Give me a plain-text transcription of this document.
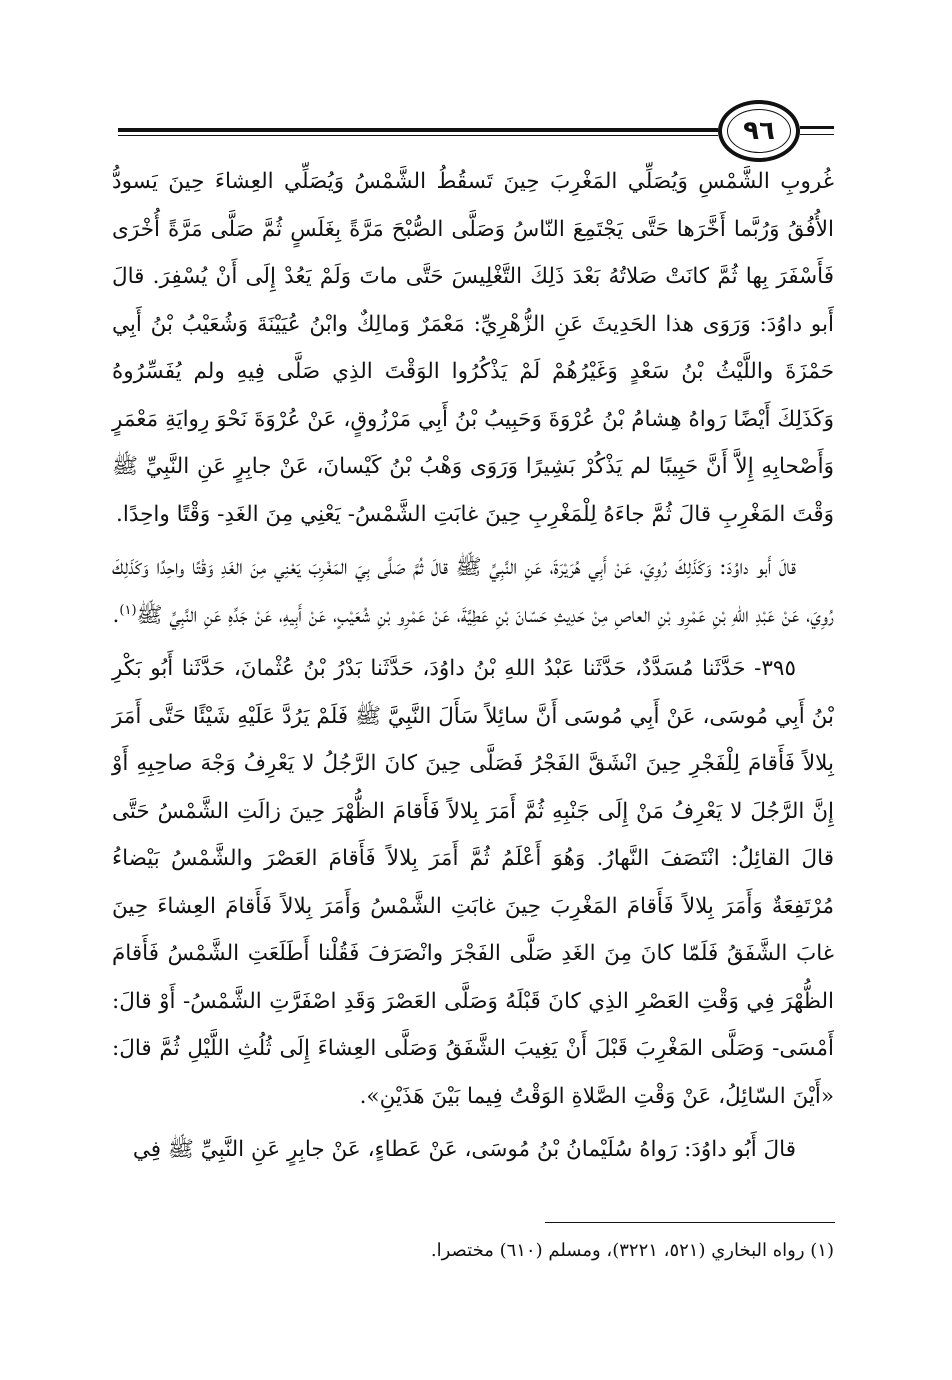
٩٦

غُروبِ الشَّمْسِ وَيُصَلِّي المَغْرِبَ حِينَ تَسقُطُ الشَّمْسُ وَيُصَلِّي العِشاءَ حِينَ يَسودُّ الأُفُقُ وَرُبَّما أَخَّرَها حَتَّى يَجْتَمِعَ النّاسُ وَصَلَّى الصُّبْحَ مَرَّةً بِغَلَسٍ ثُمَّ صَلَّى مَرَّةً أُخْرَى فَأَسْفَرَ بِها ثُمَّ كانَتْ صَلاتُهُ بَعْدَ ذَلِكَ التَّغْلِيسَ حَتَّى ماتَ وَلَمْ يَعُدْ إِلَى أَنْ يُسْفِرَ. قالَ أَبو داوُدَ: وَرَوَى هذا الحَدِيثَ عَنِ الزُّهْرِيِّ: مَعْمَرٌ وَمالِكٌ وابْنُ عُيَيْنَةَ وَشُعَيْبُ بْنُ أَبِي حَمْزَةَ واللَّيْثُ بْنُ سَعْدٍ وَغَيْرُهُمْ لَمْ يَذْكُرُوا الوَقْتَ الذِي صَلَّى فِيهِ ولم يُفَسِّرُوهُ وَكَذَلِكَ أَيْضًا رَواهُ هِشامُ بْنُ عُرْوَةَ وَحَبِيبُ بْنُ أَبِي مَرْزُوقٍ، عَنْ عُرْوَةَ نَحْوَ رِوايَةِ مَعْمَرٍ وَأَصْحابِهِ إِلاَّ أَنَّ حَبِيبًا لم يَذْكُرْ بَشِيرًا وَرَوَى وَهْبُ بْنُ كَيْسانَ، عَنْ جابِرٍ عَنِ النَّبِيِّ ﷺ وَقْتَ المَغْرِبِ قالَ ثُمَّ جاءَهُ لِلْمَغْرِبِ حِينَ غابَتِ الشَّمْسُ- يَعْنِي مِنَ الغَدِ- وَقْتًا واحِدًا.

قالَ أَبو داوُدَ: وَكَذَلِكَ رُوِيَ، عَنْ أَبِي هُرَيْرَةَ، عَنِ النَّبِيِّ ﷺ قالَ ثُمَّ صَلَّى بِيَ المَغْرِبَ يَعْنِي مِنَ الغَدِ وَقْتًا واحِدًا وَكَذَلِكَ رُوِيَ، عَنْ عَبْدِ اللهِ بْنِ عَمْرِو بْنِ العاصِ مِنْ حَدِيثِ حَسّانَ بْنِ عَطِيَّةَ، عَنْ عَمْرِو بْنِ شُعَيْبٍ، عَنْ أَبِيهِ، عَنْ جَدِّهِ عَنِ النَّبِيِّ ﷺ$^{(١)}$.

٣٩٥- حَدَّثَنا مُسَدَّدٌ، حَدَّثَنا عَبْدُ اللهِ بْنُ داوُدَ، حَدَّثَنا بَدْرُ بْنُ عُثْمانَ، حَدَّثَنا أَبُو بَكْرِ بْنُ أَبِي مُوسَى، عَنْ أَبِي مُوسَى أَنَّ سائِلاً سَأَلَ النَّبِيَّ ﷺ فَلَمْ يَرُدَّ عَلَيْهِ شَيْئًا حَتَّى أَمَرَ بِلالاً فَأَقامَ لِلْفَجْرِ حِينَ انْشَقَّ الفَجْرُ فَصَلَّى حِينَ كانَ الرَّجُلُ لا يَعْرِفُ وَجْهَ صاحِبِهِ أَوْ إِنَّ الرَّجُلَ لا يَعْرِفُ مَنْ إِلَى جَنْبِهِ ثُمَّ أَمَرَ بِلالاً فَأَقامَ الظُّهْرَ حِينَ زالَتِ الشَّمْسُ حَتَّى قالَ القائِلُ: انْتَصَفَ النَّهارُ. وَهُوَ أَعْلَمُ ثُمَّ أَمَرَ بِلالاً فَأَقامَ العَصْرَ والشَّمْسُ بَيْضاءُ مُرْتَفِعَةٌ وَأَمَرَ بِلالاً فَأَقامَ المَغْرِبَ حِينَ غابَتِ الشَّمْسُ وَأَمَرَ بِلالاً فَأَقامَ العِشاءَ حِينَ غابَ الشَّفَقُ فَلَمّا كانَ مِنَ الغَدِ صَلَّى الفَجْرَ وانْصَرَفَ فَقُلْنا أَطَلَعَتِ الشَّمْسُ فَأَقامَ الظُّهْرَ فِي وَقْتِ العَصْرِ الذِي كانَ قَبْلَهُ وَصَلَّى العَصْرَ وَقَدِ اصْفَرَّتِ الشَّمْسُ- أَوْ قالَ: أَمْسَى- وَصَلَّى المَغْرِبَ قَبْلَ أَنْ يَغِيبَ الشَّفَقُ وَصَلَّى العِشاءَ إِلَى ثُلُثِ اللَّيْلِ ثُمَّ قالَ: «أَيْنَ السّائِلُ، عَنْ وَقْتِ الصَّلاةِ الوَقْتُ فِيما بَيْنَ هَذَيْنِ».

قالَ أَبُو داوُدَ: رَواهُ سُلَيْمانُ بْنُ مُوسَى، عَنْ عَطاءٍ، عَنْ جابِرٍ عَنِ النَّبِيِّ ﷺ فِي

(١) رواه البخاري (٥٢١، ٣٢٢١)، ومسلم (٦١٠) مختصرا.
